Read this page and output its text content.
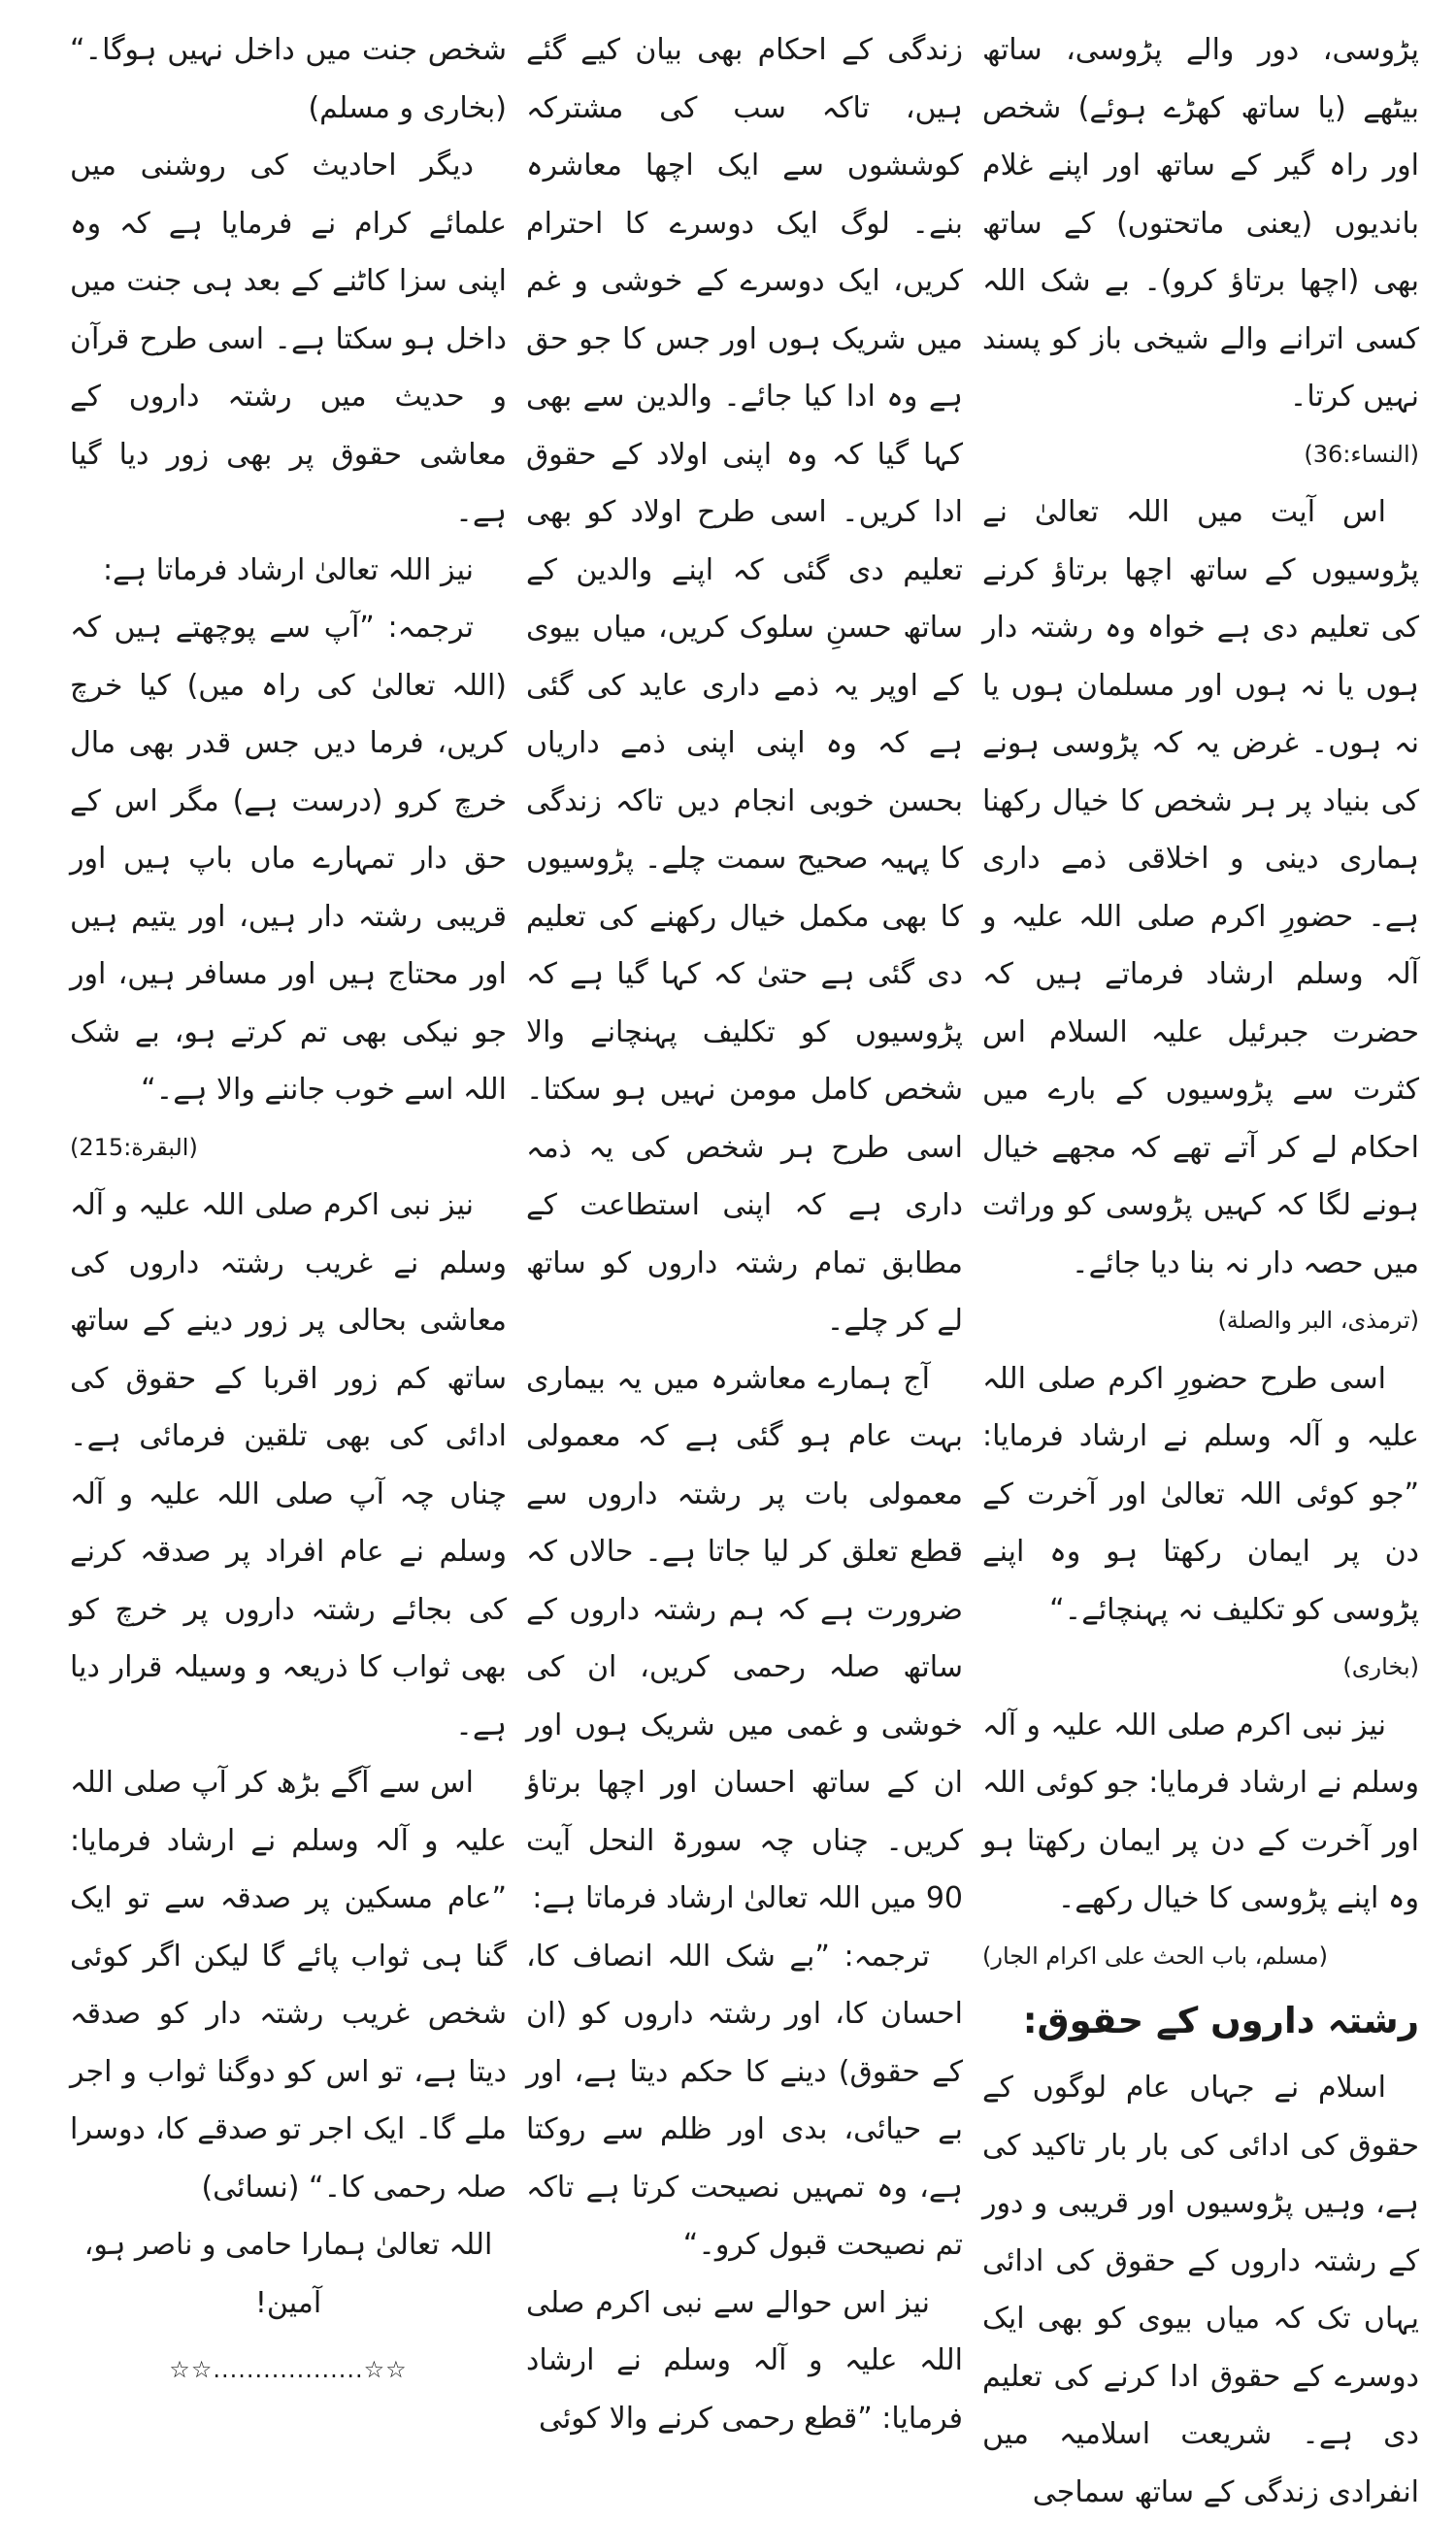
پڑوسی، دور والے پڑوسی، ساتھ بیٹھے (یا ساتھ کھڑے ہوئے) شخص اور راہ گیر کے ساتھ اور اپنے غلام باندیوں (یعنی ماتحتوں) کے ساتھ بھی (اچھا برتاؤ کرو)۔ بے شک اللہ کسی اترانے والے شیخی باز کو پسند نہیں کرتا۔

(النساء:36)

اس آیت میں اللہ تعالیٰ نے پڑوسیوں کے ساتھ اچھا برتاؤ کرنے کی تعلیم دی ہے خواہ وہ رشتہ دار ہوں یا نہ ہوں اور مسلمان ہوں یا نہ ہوں۔ غرض یہ کہ پڑوسی ہونے کی بنیاد پر ہر شخص کا خیال رکھنا ہماری دینی و اخلاقی ذمے داری ہے۔ حضورِ اکرم صلی اللہ علیہ و آلہ وسلم ارشاد فرماتے ہیں کہ حضرت جبرئیل علیہ السلام اس کثرت سے پڑوسیوں کے بارے میں احکام لے کر آتے تھے کہ مجھے خیال ہونے لگا کہ کہیں پڑوسی کو وراثت میں حصہ دار نہ بنا دیا جائے۔

(ترمذی، البر والصلة)

اسی طرح حضورِ اکرم صلی اللہ علیہ و آلہ وسلم نے ارشاد فرمایا: ”جو کوئی اللہ تعالیٰ اور آخرت کے دن پر ایمان رکھتا ہو وہ اپنے پڑوسی کو تکلیف نہ پہنچائے۔“

(بخاری)

نیز نبی اکرم صلی اللہ علیہ و آلہ وسلم نے ارشاد فرمایا: جو کوئی اللہ اور آخرت کے دن پر ایمان رکھتا ہو وہ اپنے پڑوسی کا خیال رکھے۔

(مسلم، باب الحث علی اکرام الجار)

رشتہ داروں کے حقوق:

اسلام نے جہاں عام لوگوں کے حقوق کی ادائی کی بار بار تاکید کی ہے، وہیں پڑوسیوں اور قریبی و دور کے رشتہ داروں کے حقوق کی ادائی یہاں تک کہ میاں بیوی کو بھی ایک دوسرے کے حقوق ادا کرنے کی تعلیم دی ہے۔ شریعت اسلامیہ میں انفرادی زندگی کے ساتھ سماجی

زندگی کے احکام بھی بیان کیے گئے ہیں، تاکہ سب کی مشترکہ کوششوں سے ایک اچھا معاشرہ بنے۔ لوگ ایک دوسرے کا احترام کریں، ایک دوسرے کے خوشی و غم میں شریک ہوں اور جس کا جو حق ہے وہ ادا کیا جائے۔ والدین سے بھی کہا گیا کہ وہ اپنی اولاد کے حقوق ادا کریں۔ اسی طرح اولاد کو بھی تعلیم دی گئی کہ اپنے والدین کے ساتھ حسنِ سلوک کریں، میاں بیوی کے اوپر یہ ذمے داری عاید کی گئی ہے کہ وہ اپنی اپنی ذمے داریاں بحسن خوبی انجام دیں تاکہ زندگی کا پہیہ صحیح سمت چلے۔ پڑوسیوں کا بھی مکمل خیال رکھنے کی تعلیم دی گئی ہے حتیٰ کہ کہا گیا ہے کہ پڑوسیوں کو تکلیف پہنچانے والا شخص کامل مومن نہیں ہو سکتا۔ اسی طرح ہر شخص کی یہ ذمہ داری ہے کہ اپنی استطاعت کے مطابق تمام رشتہ داروں کو ساتھ لے کر چلے۔

آج ہمارے معاشرہ میں یہ بیماری بہت عام ہو گئی ہے کہ معمولی معمولی بات پر رشتہ داروں سے قطع تعلق کر لیا جاتا ہے۔ حالاں کہ ضرورت ہے کہ ہم رشتہ داروں کے ساتھ صلہ رحمی کریں، ان کی خوشی و غمی میں شریک ہوں اور ان کے ساتھ احسان اور اچھا برتاؤ کریں۔ چناں چہ سورۃ النحل آیت 90 میں اللہ تعالیٰ ارشاد فرماتا ہے:

ترجمہ: ”بے شک اللہ انصاف کا، احسان کا، اور رشتہ داروں کو (ان کے حقوق) دینے کا حکم دیتا ہے، اور بے حیائی، بدی اور ظلم سے روکتا ہے، وہ تمہیں نصیحت کرتا ہے تاکہ تم نصیحت قبول کرو۔“

نیز اس حوالے سے نبی اکرم صلی اللہ علیہ و آلہ وسلم نے ارشاد فرمایا: ”قطع رحمی کرنے والا کوئی

شخص جنت میں داخل نہیں ہوگا۔“ (بخاری و مسلم)

دیگر احادیث کی روشنی میں علمائے کرام نے فرمایا ہے کہ وہ اپنی سزا کاٹنے کے بعد ہی جنت میں داخل ہو سکتا ہے۔ اسی طرح قرآن و حدیث میں رشتہ داروں کے معاشی حقوق پر بھی زور دیا گیا ہے۔

نیز اللہ تعالیٰ ارشاد فرماتا ہے:

ترجمہ: ”آپ سے پوچھتے ہیں کہ (اللہ تعالیٰ کی راہ میں) کیا خرچ کریں، فرما دیں جس قدر بھی مال خرچ کرو (درست ہے) مگر اس کے حق دار تمہارے ماں باپ ہیں اور قریبی رشتہ دار ہیں، اور یتیم ہیں اور محتاج ہیں اور مسافر ہیں، اور جو نیکی بھی تم کرتے ہو، بے شک اللہ اسے خوب جاننے والا ہے۔“

(البقرة:215)

نیز نبی اکرم صلی اللہ علیہ و آلہ وسلم نے غریب رشتہ داروں کی معاشی بحالی پر زور دینے کے ساتھ ساتھ کم زور اقربا کے حقوق کی ادائی کی بھی تلقین فرمائی ہے۔ چناں چہ آپ صلی اللہ علیہ و آلہ وسلم نے عام افراد پر صدقہ کرنے کی بجائے رشتہ داروں پر خرچ کو بھی ثواب کا ذریعہ و وسیلہ قرار دیا ہے۔

اس سے آگے بڑھ کر آپ صلی اللہ علیہ و آلہ وسلم نے ارشاد فرمایا: ”عام مسکین پر صدقہ سے تو ایک گنا ہی ثواب پائے گا لیکن اگر کوئی شخص غریب رشتہ دار کو صدقہ دیتا ہے، تو اس کو دوگنا ثواب و اجر ملے گا۔ ایک اجر تو صدقے کا، دوسرا صلہ رحمی کا۔“ (نسائی)

اللہ تعالیٰ ہمارا حامی و ناصر ہو، آمین!

☆☆..................☆☆
